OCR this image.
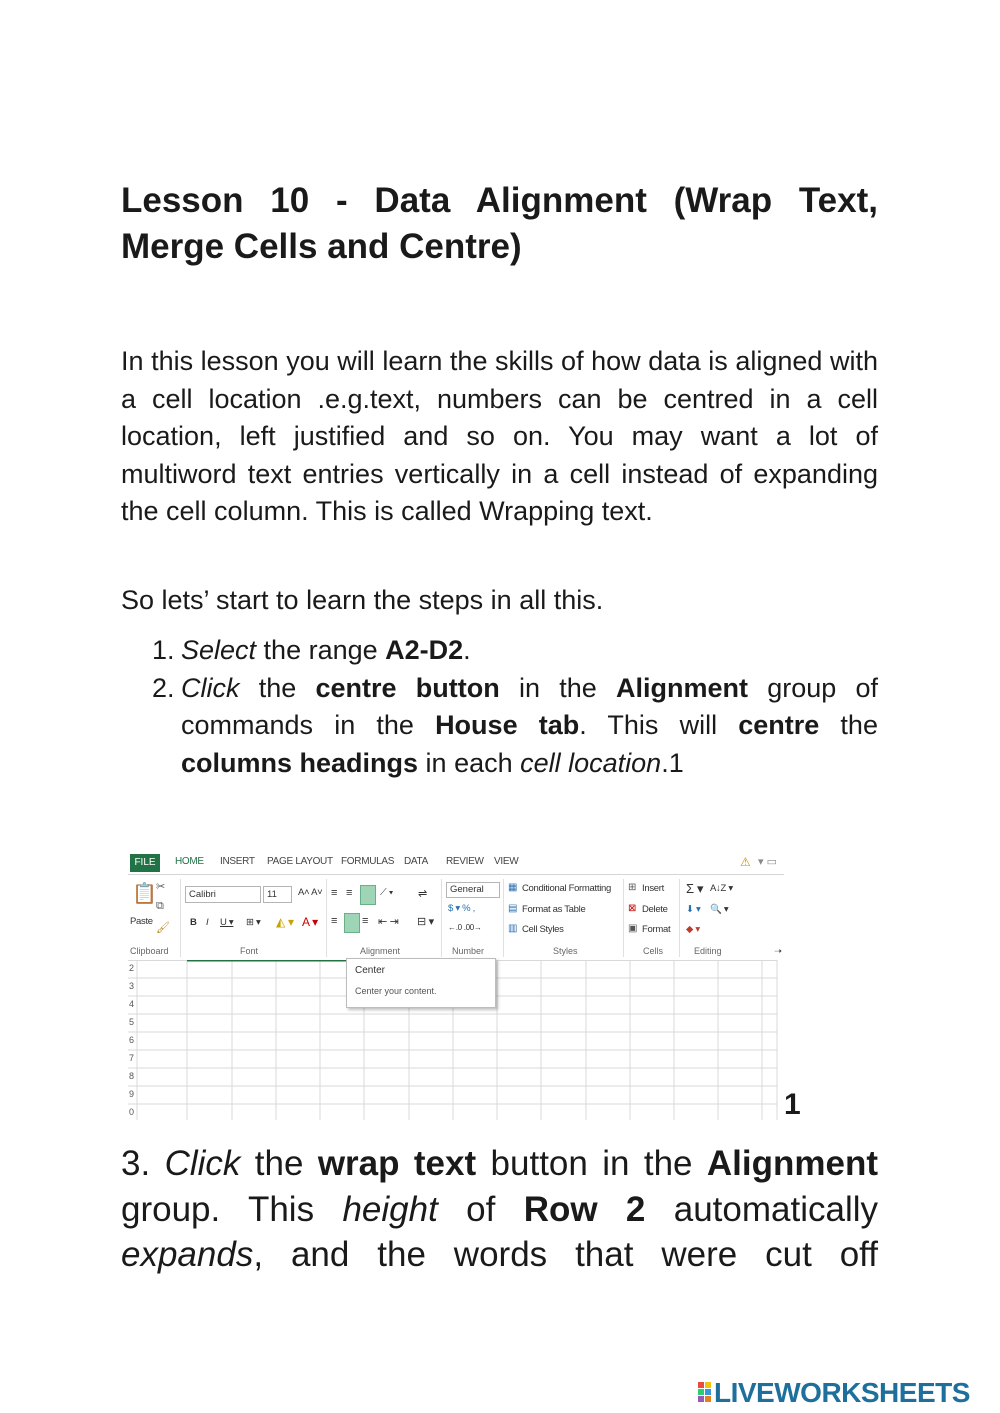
Lesson 10 - Data Alignment (Wrap Text, Merge Cells and Centre)

In this lesson you will learn the skills of how data is aligned with a cell location .e.g.text, numbers can be centred in a cell location, left justified and so on. You may want a lot of multiword text entries vertically in a cell instead of expanding the cell column. This is called Wrapping text.

So lets’ start to learn the steps in all this.

1. Select the range A2-D2.
2. Click the centre button in the Alignment group of commands in the House tab. This will centre the columns headings in each cell location.1
FILE	HOME INSERT PAGE LAYOUT FORMULAS DATA REVIEW VIEW	⚠ ▾ ▭
📋
Paste
✂
⧉
🖌
Clipboard
Calibri	11	A˄ A˅
B I U ▾ ⊞ ▾ ◭ ▾ A ▾
Font
≡ ≡	⟋ ▾ ⇌
≡ ≡ ⇤ ⇥ ⊟ ▾
Alignment
General
$ ▾ % ,
←.0 .00→
Number
▦ Conditional Formatting
▤ Format as Table
▥ Cell Styles
Styles
⊞ Insert
⊠ Delete
▣ Format
Cells
Σ ▾ A↓Z ▾
⬇ ▾ 🔍 ▾
◆ ▾
Editing	➝
2
3
4
5
6
7
8
9
0
Center
Center your content.
1

3. Click the wrap text button in the Alignment group. This height of Row 2 automatically expands, and the words that were cut off

LIVEWORKSHEETS
